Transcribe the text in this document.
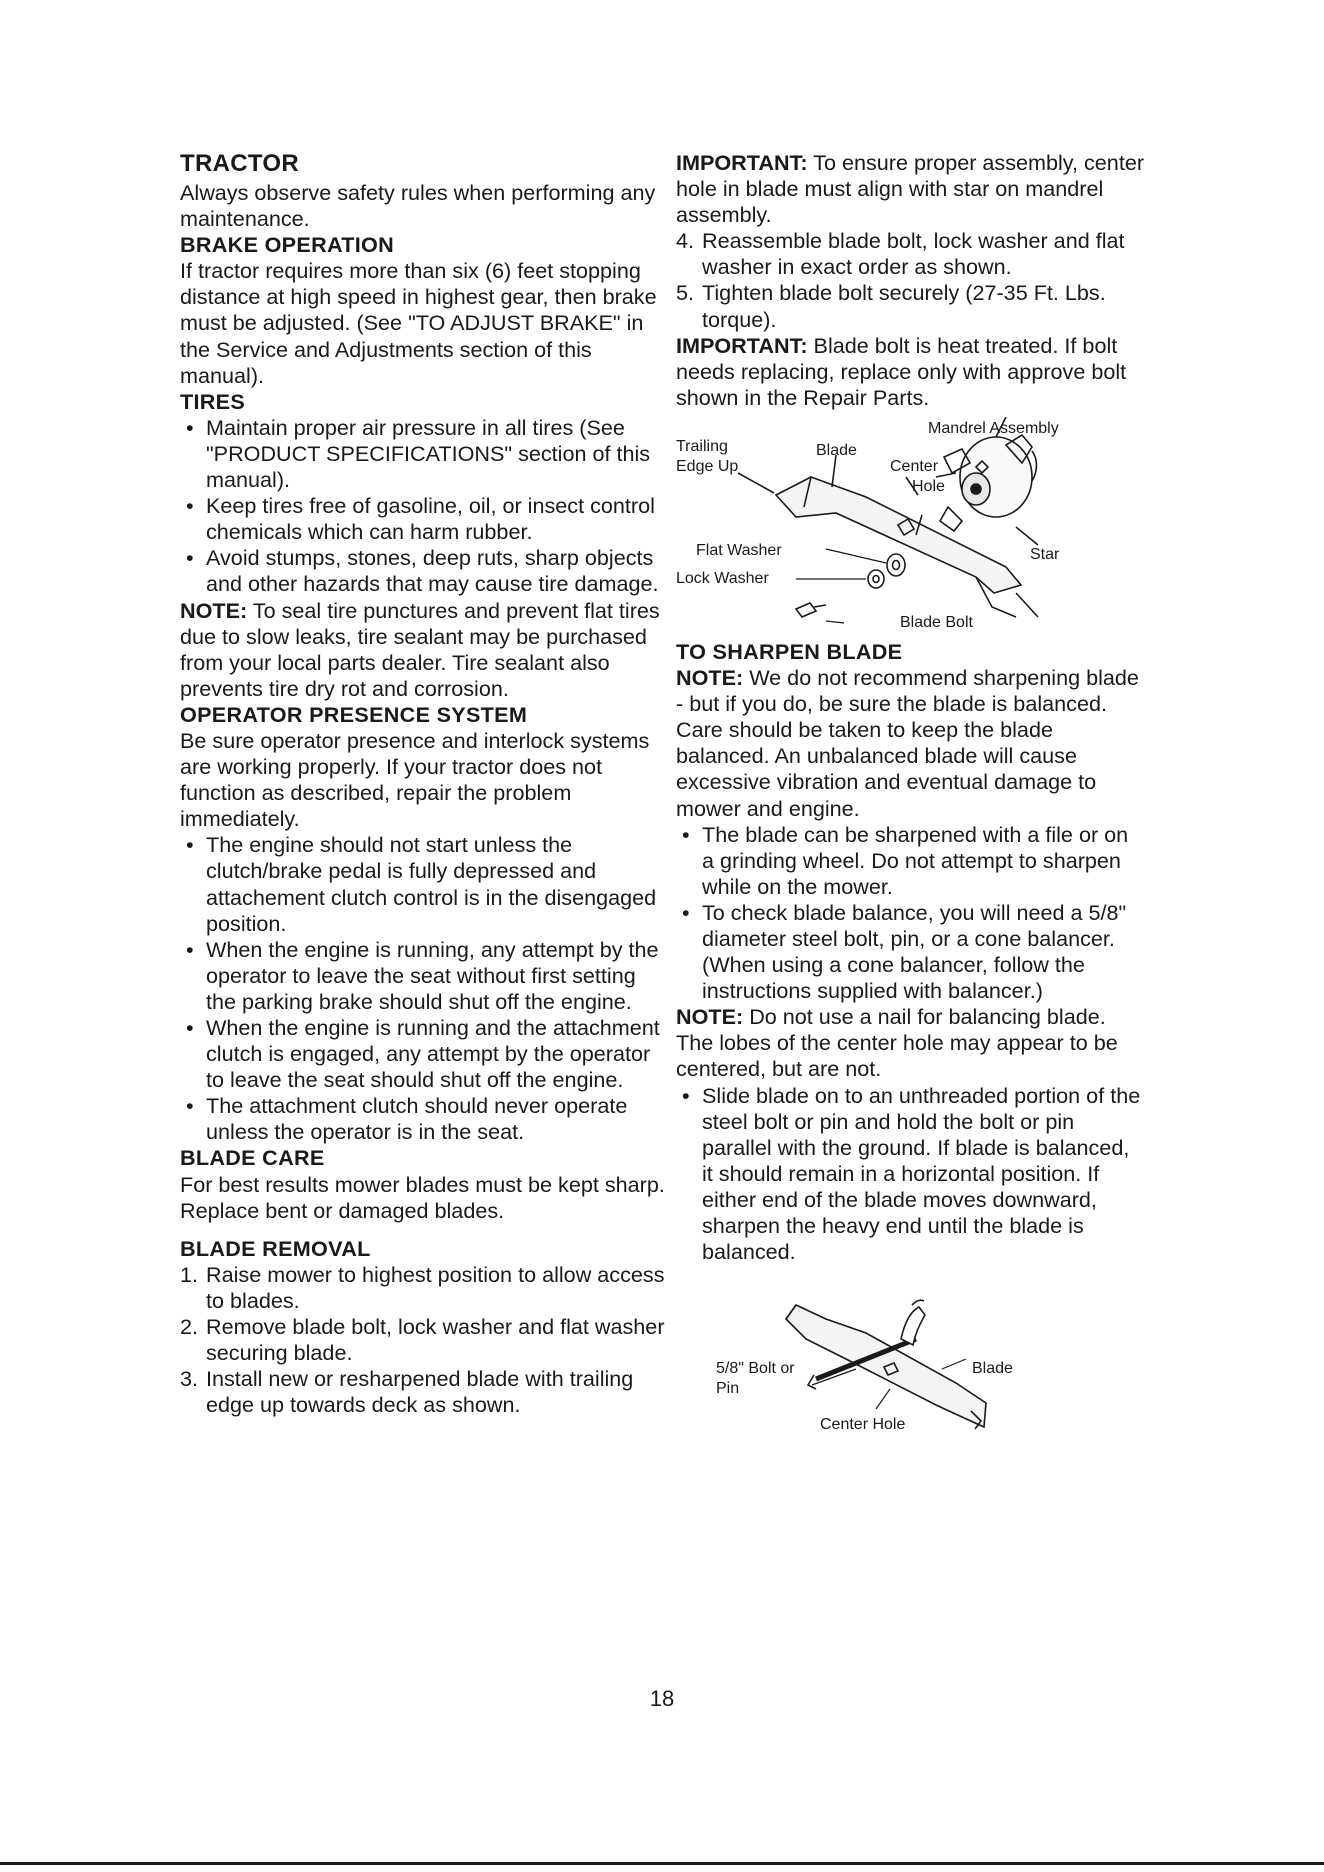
TRACTOR

Always observe safety rules when performing any maintenance.

BRAKE OPERATION

If tractor requires more than six (6) feet stopping distance at high speed in highest gear, then brake must be adjusted. (See "TO ADJUST BRAKE" in the Service and Adjustments section of this manual).

TIRES
• Maintain proper air pressure in all tires (See "PRODUCT SPECIFICATIONS" section of this manual).
• Keep tires free of gasoline, oil, or insect control chemicals which can harm rubber.
• Avoid stumps, stones, deep ruts, sharp objects and other hazards that may cause tire damage.

NOTE: To seal tire punctures and prevent flat tires due to slow leaks, tire sealant may be purchased from your local parts dealer. Tire sealant also prevents tire dry rot and corrosion.

OPERATOR PRESENCE SYSTEM

Be sure operator presence and interlock systems are working properly. If your tractor does not function as described, repair the problem immediately.

• The engine should not start unless the clutch/brake pedal is fully depressed and attachement clutch control is in the disengaged position.
• When the engine is running, any attempt by the operator to leave the seat without first setting the parking brake should shut off the engine.
• When the engine is running and the attachment clutch is engaged, any attempt by the operator to leave the seat should shut off the engine.
• The attachment clutch should never operate unless the operator is in the seat.
BLADE CARE

For best results mower blades must be kept sharp. Replace bent or damaged blades.

BLADE REMOVAL
1. Raise mower to highest position to allow access to blades.
2. Remove blade bolt, lock washer and flat washer securing blade.
3. Install new or resharpened blade with trailing edge up towards deck as shown.

IMPORTANT: To ensure proper assembly, center hole in blade must align with star on mandrel assembly.

4. Reassemble blade bolt, lock washer and flat washer in exact order as shown.
5. Tighten blade bolt securely (27-35 Ft. Lbs. torque).

IMPORTANT: Blade bolt is heat treated. If bolt needs replacing, replace only with approve bolt shown in the Repair Parts.

Mandrel Assembly
Trailing
Edge Up
Blade
Center
Hole
Flat Washer
Lock Washer
Star
Blade Bolt
TO SHARPEN BLADE

NOTE: We do not recommend sharpening blade - but if you do, be sure the blade is balanced.

Care should be taken to keep the blade balanced. An unbalanced blade will cause excessive vibration and eventual damage to mower and engine.

• The blade can be sharpened with a file or on a grinding wheel. Do not attempt to sharpen while on the mower.
• To check blade balance, you will need a 5/8" diameter steel bolt, pin, or a cone balancer. (When using a cone balancer, follow the instructions supplied with balancer.)

NOTE: Do not use a nail for balancing blade. The lobes of the center hole may appear to be centered, but are not.

• Slide blade on to an unthreaded portion of the steel bolt or pin and hold the bolt or pin parallel with the ground. If blade is balanced, it should remain in a horizontal position. If either end of the blade moves downward, sharpen the heavy end until the blade is balanced.
5/8" Bolt or
Pin
Blade
Center Hole
18
